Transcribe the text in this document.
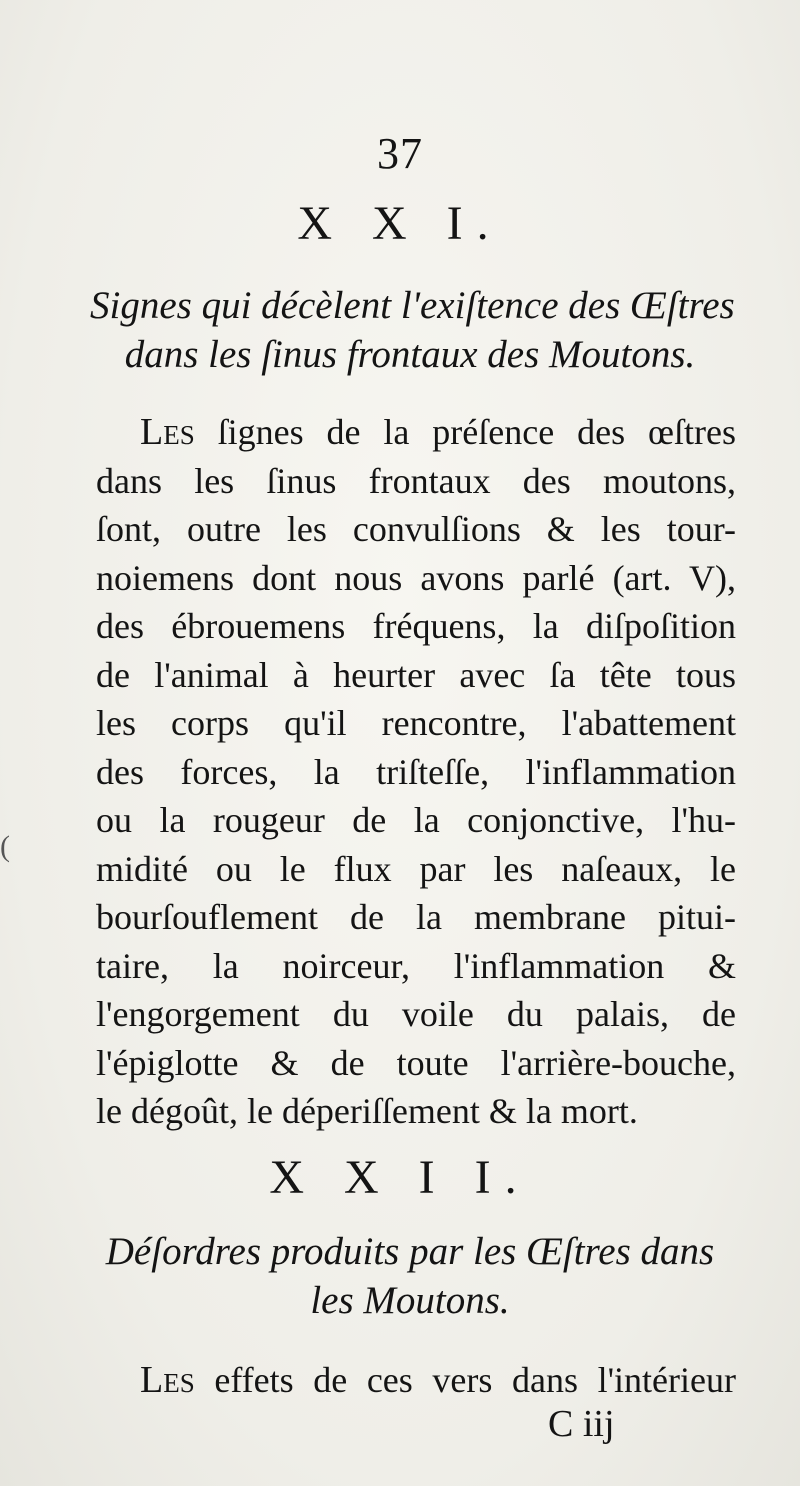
37
X X I.
Signes qui décèlent l'exiſtence des Œſtres
dans les ſinus frontaux des Moutons.
Les ſignes de la préſence des œſtres
dans les ſinus frontaux des moutons,
ſont, outre les convulſions & les tour-
noiemens dont nous avons parlé (art. V),
des ébrouemens fréquens, la diſpoſition
de l'animal à heurter avec ſa tête tous
les corps qu'il rencontre, l'abattement
des forces, la triſteſſe, l'inflammation
ou la rougeur de la conjonctive, l'hu-
midité ou le flux par les naſeaux, le
bourſouflement de la membrane pitui-
taire, la noirceur, l'inflammation &
l'engorgement du voile du palais, de
l'épiglotte & de toute l'arrière-bouche,
le dégoût, le déperiſſement & la mort.
X X I I.
Déſordres produits par les Œſtres dans
les Moutons.
Les effets de ces vers dans l'intérieur
C iij
(
